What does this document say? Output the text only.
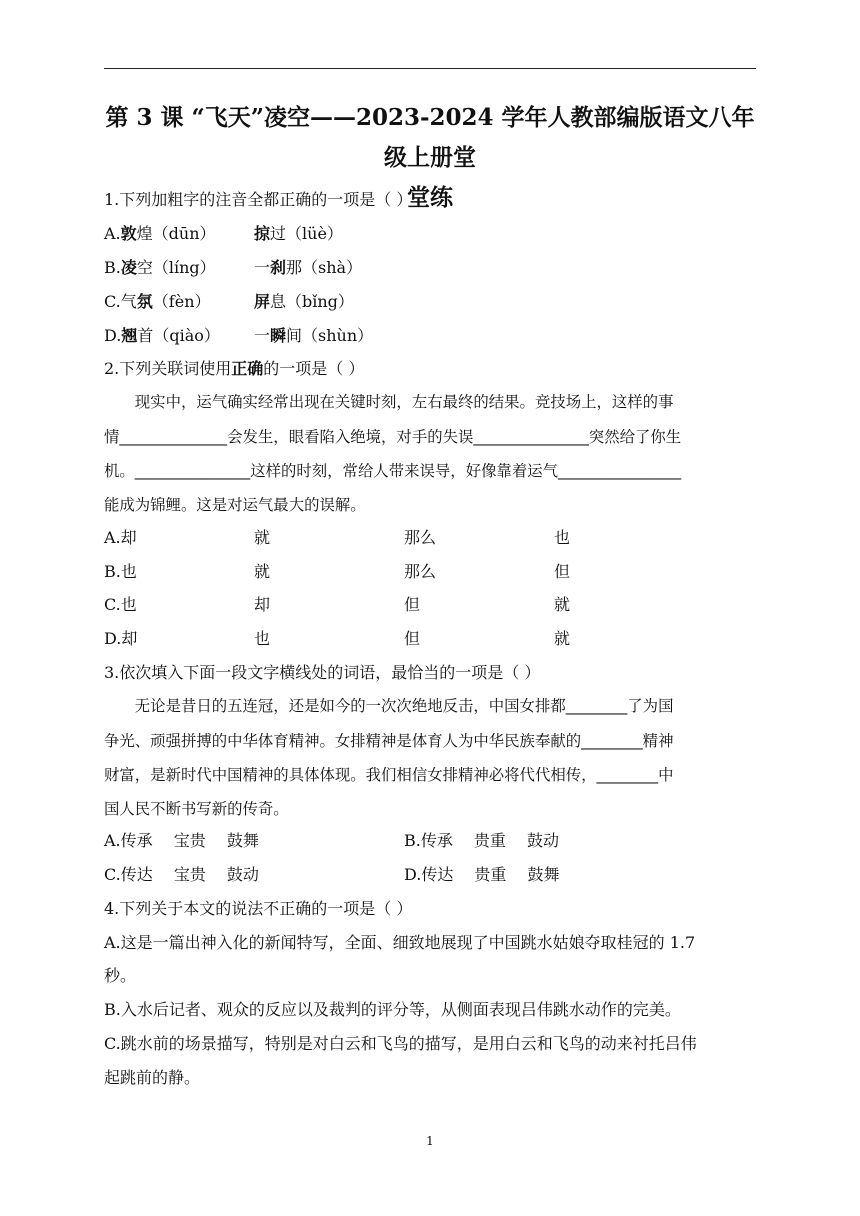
第 3 课 “飞天”凌空——2023-2024 学年人教部编版语文八年级上册堂
堂练
1.下列加粗字的注音全都正确的一项是（ ）
A.敦煌（dūn） 掠过（lüè）
B.凌空（líng） 一刹那（shà）
C.气氛（fèn）	屏息（bǐng）
D.翘首（qiào） 一瞬间（shùn）
2.下列关联词使用正确的一项是（ ）
　　现实中，运气确实经常出现在关键时刻，左右最终的结果。竞技场上，这样的事
情______________会发生，眼看陷入绝境，对手的失误_______________突然给了你生
机。_______________这样的时刻，常给人带来误导，好像靠着运气________________
能成为锦鲤。这是对运气最大的误解。
A.却	就	那么	也
B.也	就	那么	但
C.也	却	但	就
D.却	也	但	就
3.依次填入下面一段文字横线处的词语，最恰当的一项是（ ）
　　无论是昔日的五连冠，还是如今的一次次绝地反击，中国女排都________了为国
争光、顽强拼搏的中华体育精神。女排精神是体育人为中华民族奉献的________精神
财富，是新时代中国精神的具体体现。我们相信女排精神必将代代相传，________中
国人民不断书写新的传奇。
A.传承　 宝贵　 鼓舞	B.传承　 贵重　 鼓动
C.传达　 宝贵　 鼓动	D.传达　 贵重　 鼓舞
4.下列关于本文的说法不正确的一项是（ ）
A.这是一篇出神入化的新闻特写，全面、细致地展现了中国跳水姑娘夺取桂冠的 1.7
秒。
B.入水后记者、观众的反应以及裁判的评分等，从侧面表现吕伟跳水动作的完美。
C.跳水前的场景描写，特别是对白云和飞鸟的描写，是用白云和飞鸟的动来衬托吕伟
起跳前的静。
1
